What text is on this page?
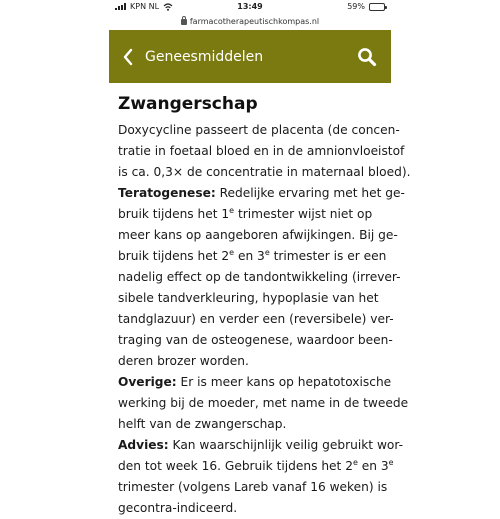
KPN NL	13:49	59%
farmacotherapeutischkompas.nl
Geneesmiddelen
Zwangerschap

Doxycycline passeert de placenta (de concen-
tratie in foetaal bloed en in de amnionvloeistof
is ca. 0,3× de concentratie in maternaal bloed).

Teratogenese: Redelijke ervaring met het ge-
bruik tijdens het 1e trimester wijst niet op
meer kans op aangeboren afwijkingen. Bij ge-
bruik tijdens het 2e en 3e trimester is er een
nadelig effect op de tandontwikkeling (irrever-
sibele tandverkleuring, hypoplasie van het
tandglazuur) en verder een (reversibele) ver-
traging van de osteogenese, waardoor been-
deren brozer worden.

Overige: Er is meer kans op hepatotoxische
werking bij de moeder, met name in de tweede
helft van de zwangerschap.

Advies: Kan waarschijnlijk veilig gebruikt wor-
den tot week 16. Gebruik tijdens het 2e en 3e
trimester (volgens Lareb vanaf 16 weken) is
gecontra-indiceerd.
